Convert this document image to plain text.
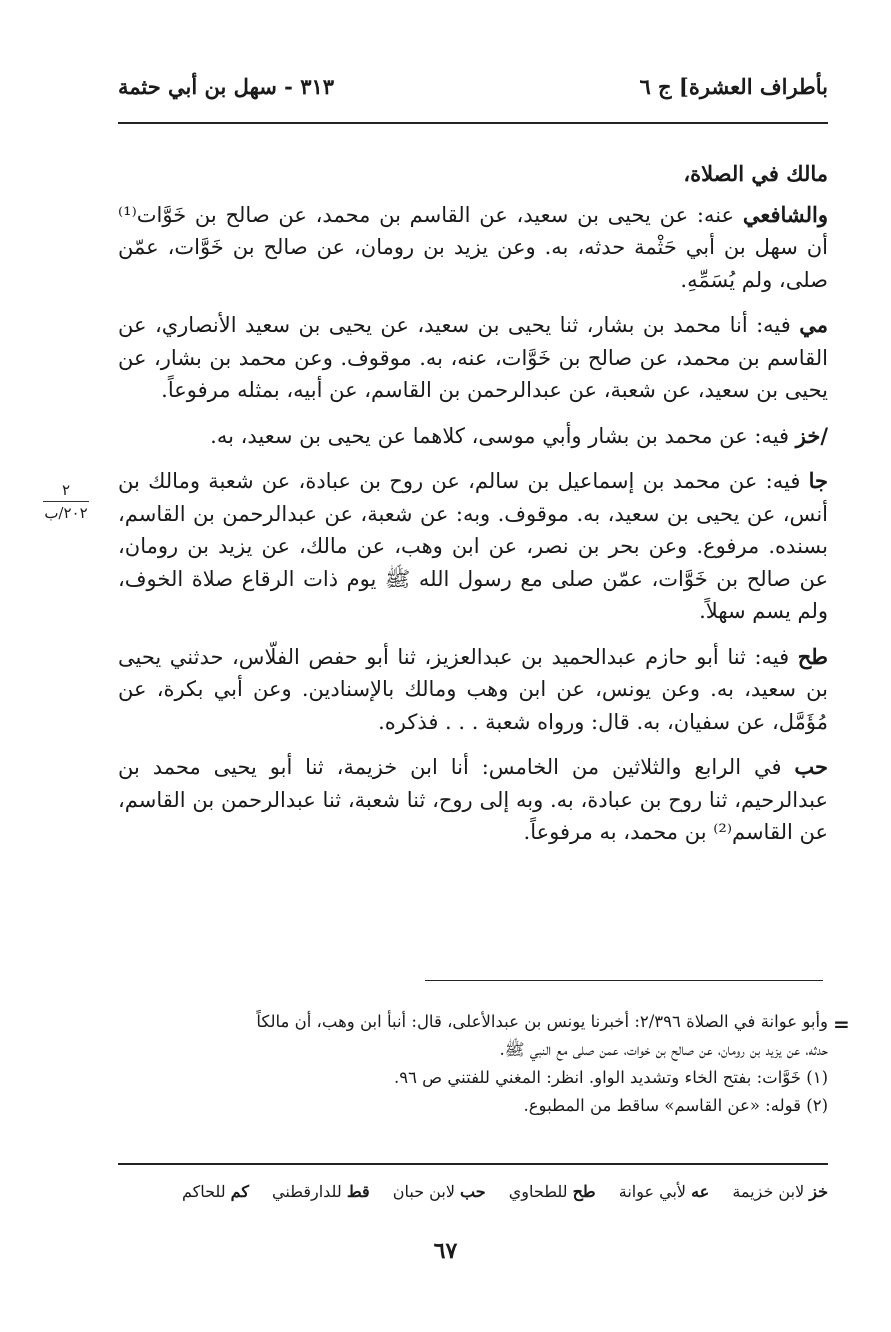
بأطراف العشرة] ج ٦
٣١٣ - سهل بن أبي حثمة

مالك في الصلاة،

والشافعي عنه: عن يحيى بن سعيد، عن القاسم بن محمد، عن صالح بن خَوَّات⁽¹⁾ أن سهل بن أبي حَثْمة حدثه، به. وعن يزيد بن رومان، عن صالح بن خَوَّات، عمّن صلى، ولم يُسَمِّهِ.

مي فيه: أنا محمد بن بشار، ثنا يحيى بن سعيد، عن يحيى بن سعيد الأنصاري، عن القاسم بن محمد، عن صالح بن خَوَّات، عنه، به. موقوف. وعن محمد بن بشار، عن يحيى بن سعيد، عن شعبة، عن عبدالرحمن بن القاسم، عن أبيه، بمثله مرفوعاً.

/خز فيه: عن محمد بن بشار وأبي موسى، كلاهما عن يحيى بن سعيد، به.

جا فيه: عن محمد بن إسماعيل بن سالم، عن روح بن عبادة، عن شعبة ومالك بن أنس، عن يحيى بن سعيد، به. موقوف. وبه: عن شعبة، عن عبدالرحمن بن القاسم، بسنده. مرفوع. وعن بحر بن نصر، عن ابن وهب، عن مالك، عن يزيد بن رومان، عن صالح بن خَوَّات، عمّن صلى مع رسول الله ﷺ يوم ذات الرقاع صلاة الخوف، ولم يسم سهلاً.

طح فيه: ثنا أبو حازم عبدالحميد بن عبدالعزيز، ثنا أبو حفص الفلّاس، حدثني يحيى بن سعيد، به. وعن يونس، عن ابن وهب ومالك بالإسنادين. وعن أبي بكرة، عن مُؤَمَّل، عن سفيان، به. قال: ورواه شعبة . . . فذكره.

حب في الرابع والثلاثين من الخامس: أنا ابن خزيمة، ثنا أبو يحيى محمد بن عبدالرحيم، ثنا روح بن عبادة، به. وبه إلى روح، ثنا شعبة، ثنا عبدالرحمن بن القاسم، عن القاسم⁽²⁾ بن محمد، به مرفوعاً.

٢
٢٠٢/ب
=

وأبو عوانة في الصلاة ٢/٣٩٦: أخبرنا يونس بن عبدالأعلى، قال: أنبأ ابن وهب، أن مالكاً

حدثه، عن يزيد بن رومان، عن صالح بن خوات، عمن صلى مع النبي ﷺ.

(١) خَوَّات: بفتح الخاء وتشديد الواو. انظر: المغني للفتني ص ٩٦.

(٢) قوله: «عن القاسم» ساقط من المطبوع.

خز لابن خزيمة عه لأبي عوانة طح للطحاوي حب لابن حبان قط للدارقطني كم للحاكم
٦٧
